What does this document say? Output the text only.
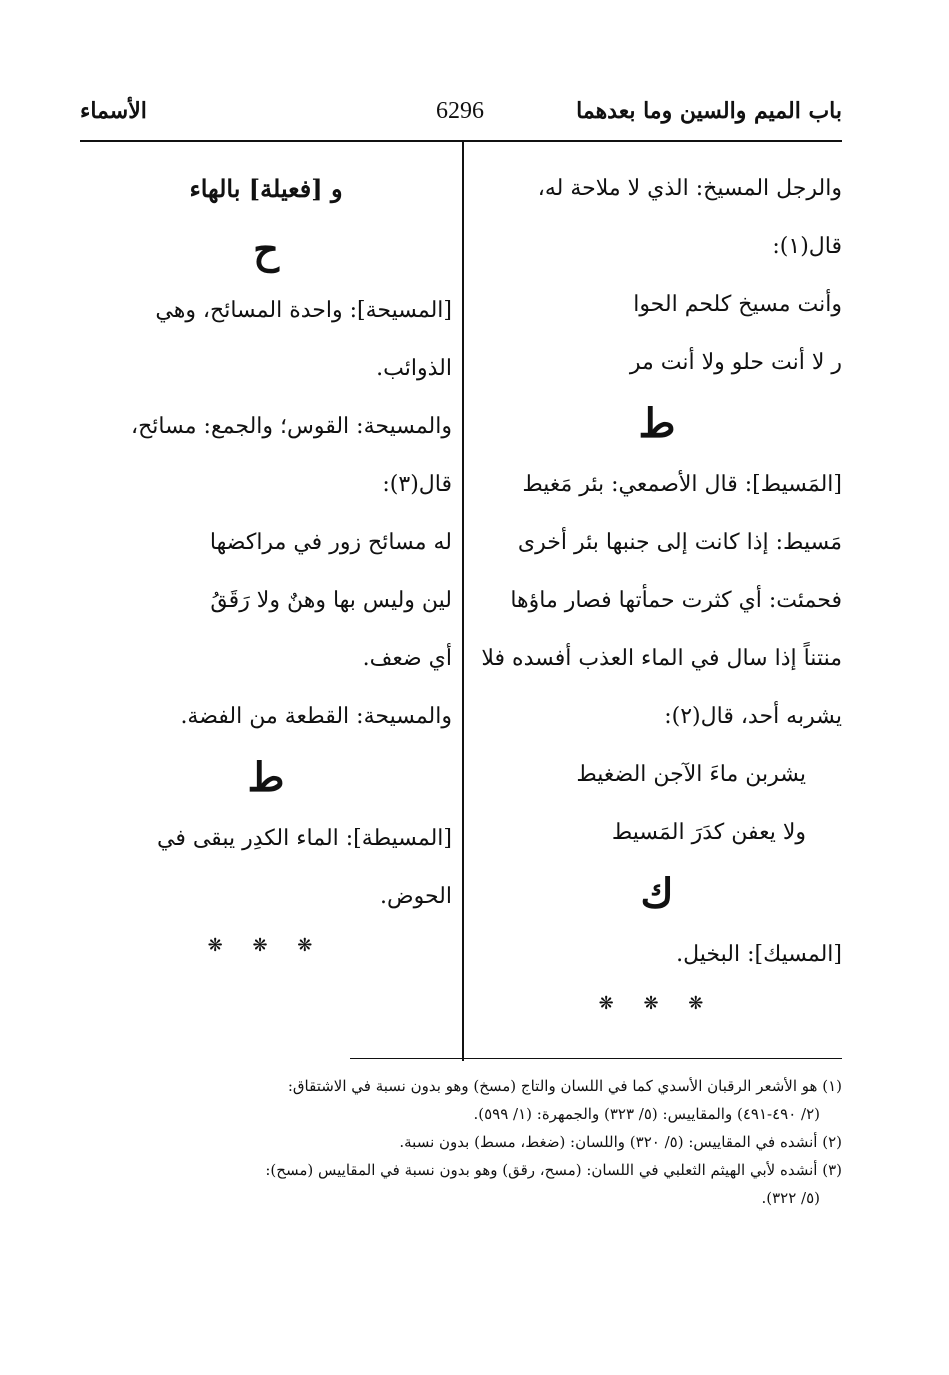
باب الميم والسين وما بعدهما
6296
الأسماء
والرجل المسيخ: الذي لا ملاحة له،
قال(١):
وأنت مسيخ كلحم الحوا
ر لا أنت حلو ولا أنت مر
ط
[المَسيط]: قال الأصمعي: بئر مَغيط
مَسيط: إذا كانت إلى جنبها بئر أخرى
فحمئت: أي كثرت حمأتها فصار ماؤها
منتناً إذا سال في الماء العذب أفسده فلا
يشربه أحد، قال(٢):
يشربن ماءَ الآجن الضغيط
ولا يعفن كدَرَ المَسيط
ك
[المسيك]: البخيل.
❋ ❋ ❋
و [فعيلة] بالهاء
ح
[المسيحة]: واحدة المسائح، وهي
الذوائب.
والمسيحة: القوس؛ والجمع: مسائح،
قال(٣):
له مسائح زور في مراكضها
لين وليس بها وهنٌ ولا رَقَقُ
أي ضعف.
والمسيحة: القطعة من الفضة.
ط
[المسيطة]: الماء الكدِر يبقى في
الحوض.
❋ ❋ ❋
(١) هو الأشعر الرقبان الأسدي كما في اللسان والتاج (مسخ) وهو بدون نسبة في الاشتقاق:
(٢/ ٤٩٠-٤٩١) والمقاييس: (٥/ ٣٢٣) والجمهرة: (١/ ٥٩٩).
(٢) أنشده في المقاييس: (٥/ ٣٢٠) واللسان: (ضغط، مسط) بدون نسبة.
(٣) أنشده لأبي الهيثم الثعلبي في اللسان: (مسح، رقق) وهو بدون نسبة في المقاييس (مسح):
(٥/ ٣٢٢).
